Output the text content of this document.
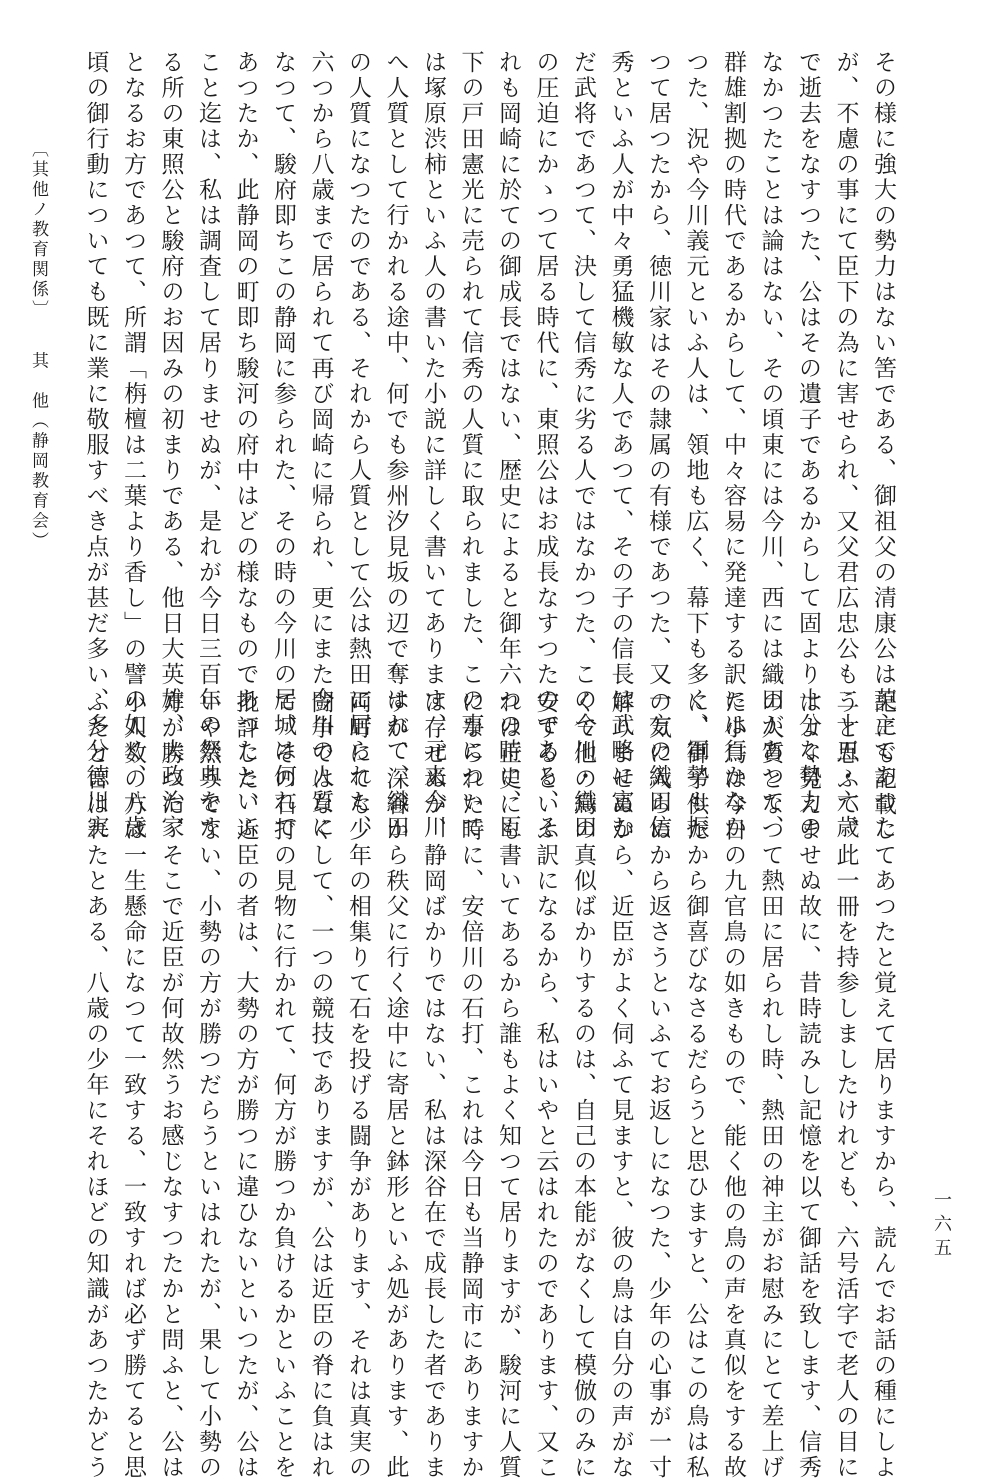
その様に強大の勢力はない筈である、御祖父の清康公は英主であつた
が、不慮の事にて臣下の為に害せられ、又父君広忠公も二十五・六歳
で逝去をなすつた、公はその遺子であるからして固より十分な勢力の
なかつたことは論はない、その頃東には今川、西には織田があつて、
群雄割拠の時代であるからして、中々容易に発達する訳には行かなか
つた、況や今川義元といふ人は、領地も広く、幕下も多く、軍勢も振
つて居つたから、徳川家はその隷属の有様であつた、又一方の織田信
秀といふ人が中々勇猛機敏な人であつて、その子の信長は武略に富む
だ武将であつて、決して信秀に劣る人ではなかつた、この今川・織田
の圧迫にかゝつて居る時代に、東照公はお成長なすつたのである、そ
れも岡崎に於ての御成長ではない、歴史によると御年六つの時に、臣
下の戸田憲光に売られて信秀の人質に取られました、この事について
は塚原渋柿といふ人の書いた小説に詳しく書いてあります、元来今川
へ人質として行かれる途中、何でも参州汐見坂の辺で奪はれて、織田
の人質になつたのである、それから人質として公は熱田に居られた、
六つから八歳まで居られて再び岡崎に帰られ、更にまた今川の人質に
なつて、駿府即ちこの静岡に参られた、その時の今川の居城は何れで
あつたか、此静岡の町即ち駿河の府中はどの様なものであつたといふ
こと迄は、私は調査して居りませぬが、是れが今日三百年の祭典をす
る所の東照公と駿府のお因みの初まりである、他日大英雄、大政治家
となるお方であつて、所謂「栴檀は二葉より香し」の譬の如く、八歳
頃の御行動についても既に業に敬服すべき点が甚だ多い、多分徳川実
記にも記載してあつたと覚えて居りますから、読んでお話の種にしよ
うと思ふて、此一冊を持参しましたけれども、六号活字で老人の目に
はよく見えませぬ故に、昔時読みし記憶を以て御話を致します、信秀
の人質となつて熱田に居られし時、熱田の神主がお慰みにとて差上げ
た小鳥は今日の九官鳥の如きもので、能く他の鳥の声を真似をする故
に、御子供だから御喜びなさるだらうと思ひますと、公はこの鳥は私
の気に入らぬから返さうといふてお返しになつた、少年の心事が一寸
解りませぬから、近臣がよく伺ふて見ますと、彼の鳥は自分の声がな
くて他の鳥の真似ばかりするのは、自己の本能がなくして模倣のみに
安ずるといふ訳になるから、私はいやと云はれたのであります、又こ
れは正史にも書いてあるから誰もよく知つて居りますが、駿河に人質
になられた時に、安倍川の石打、これは今日も当静岡市にありますか
は存ぜぬが、静岡ばかりではない、私は深谷在で成長した者でありま
すが、深谷から秩父に行く途中に寄居と鉢形といふ処があります、此
両町にても少年の相集りて石を投げる闘争があります、それは真実の
闘争ではなくして、一つの競技でありますが、公は近臣の脊に負はれ
て、その石打の見物に行かれて、何方が勝つか負けるかといふことを
批評した、近臣の者は、大勢の方が勝つに違ひないといつたが、公は
いや然うでない、小勢の方が勝つだらうといはれたが、果して小勢の
方が勝つた、そこで近臣が何故然うお感じなすつたかと問ふと、公は
小人数の方は一生懸命になつて一致する、一致すれば必ず勝てると思
ふたと言はれたとある、八歳の少年にそれほどの知識があつたかどう
〔其他ノ教育関係〕　　其　他（静岡教育会）
一六五
